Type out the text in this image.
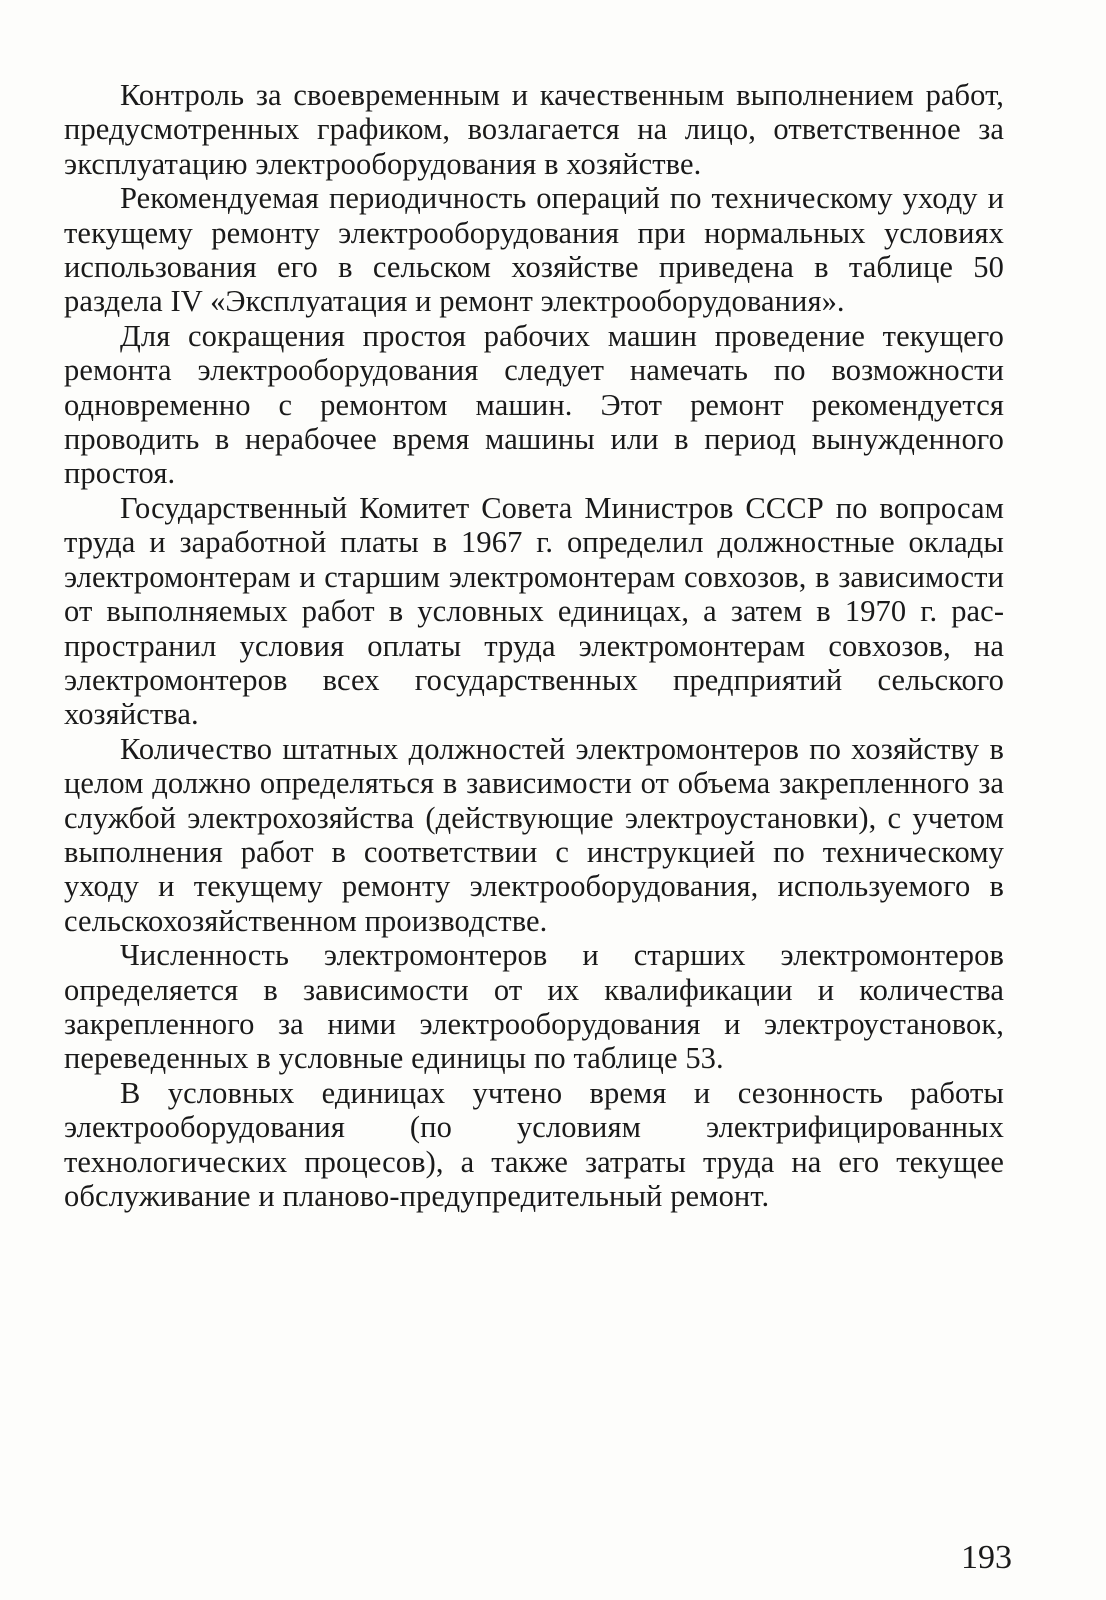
Контроль за своевременным и качественным выполнением работ, предусмотренных графиком, возлагается на лицо, ответственное за эксплуатацию электрооборудования в хозяйстве.

Рекомендуемая периодичность операций по техническому уходу и текущему ремонту электрооборудования при нормальных условиях использования его в сельском хозяйстве приведена в таблице 50 раздела IV «Эксплуатация и ремонт электрооборудования».

Для сокращения простоя рабочих машин проведение текущего ремонта электрооборудования следует намечать по возможности одновременно с ремонтом машин. Этот ремонт рекомендуется проводить в нерабочее время машины или в период вынужденного простоя.

Государственный Комитет Совета Министров СССР по вопросам труда и заработной платы в 1967 г. определил должностные оклады электромонтерам и старшим электромонтерам совхозов, в зависимости от выполняемых работ в условных единицах, а затем в 1970 г. распространил условия оплаты труда электромонтерам совхозов, на электромонтеров всех государственных предприятий сельского хозяйства.

Количество штатных должностей электромонтеров по хозяйству в целом должно определяться в зависимости от объема закрепленного за службой электрохозяйства (действующие электроустановки), с учетом выполнения работ в соответствии с инструкцией по техническому уходу и текущему ремонту электрооборудования, используемого в сельскохозяйственном производстве.

Численность электромонтеров и старших электромонтеров определяется в зависимости от их квалификации и количества закрепленного за ними электрооборудования и электроустановок, переведенных в условные единицы по таблице 53.

В условных единицах учтено время и сезонность работы электрооборудования (по условиям электрифицированных технологических процесов), а также затраты труда на его текущее обслуживание и планово-предупредительный ремонт.

193
